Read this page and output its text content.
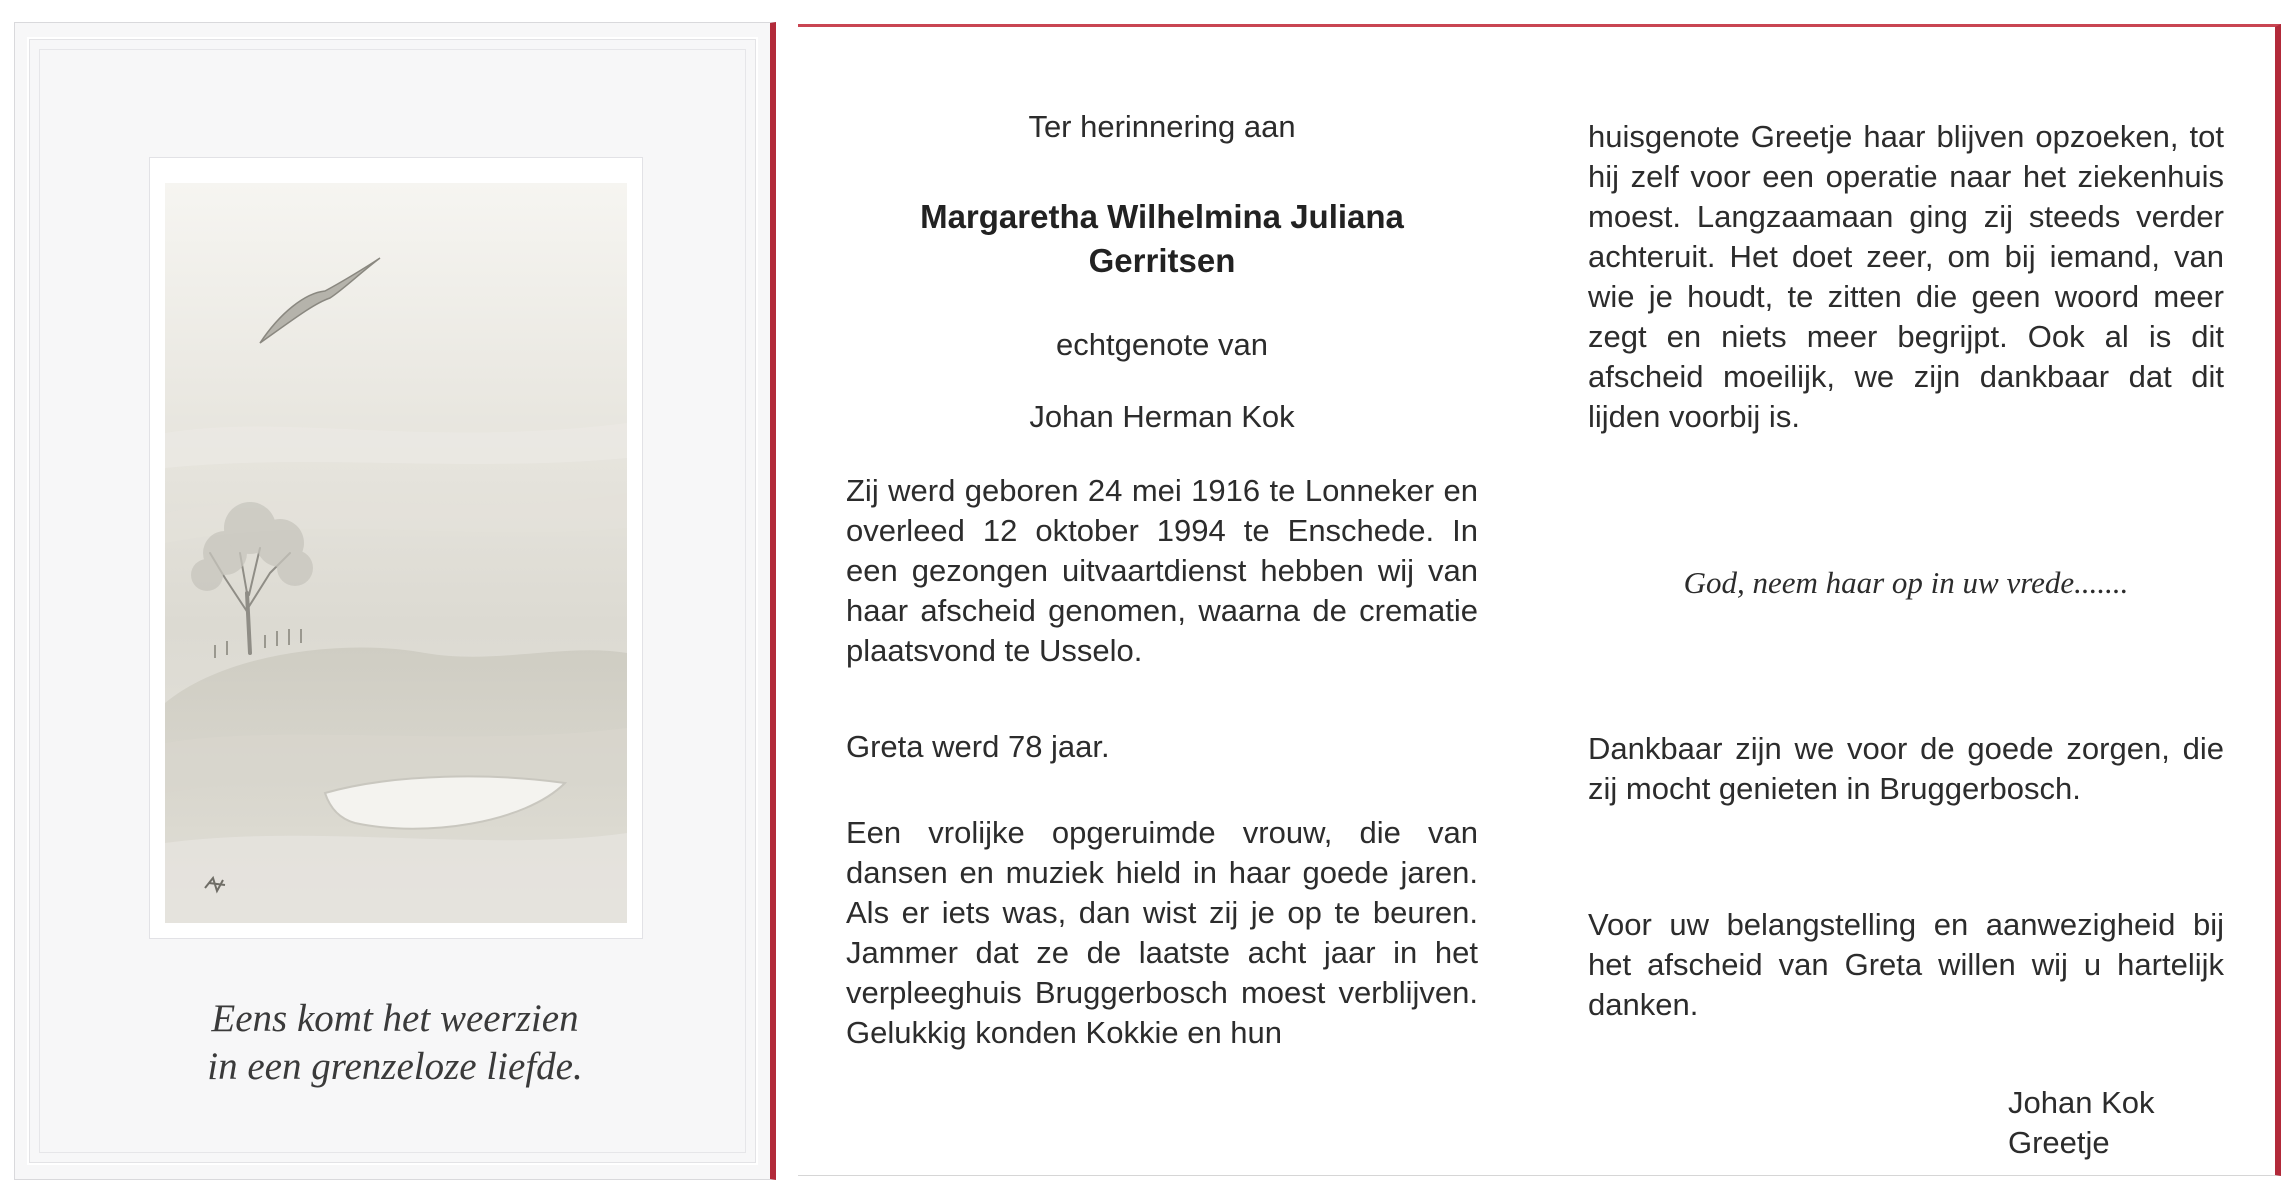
Eens komt het weerzien
in een grenzeloze liefde.
Ter herinnering aan
Margaretha Wilhelmina Juliana
Gerritsen
echtgenote van
Johan Herman Kok

Zij werd geboren 24 mei 1916 te Lonneker en overleed 12 oktober 1994 te Enschede. In een gezongen uitvaartdienst hebben wij van haar afscheid genomen, waarna de crematie plaatsvond te Usselo.

Greta werd 78 jaar.

Een vrolijke opgeruimde vrouw, die van dansen en muziek hield in haar goede jaren. Als er iets was, dan wist zij je op te beuren. Jammer dat ze de laatste acht jaar in het verpleeghuis Bruggerbosch moest verblijven. Gelukkig konden Kokkie en hun

huisgenote Greetje haar blijven opzoeken, tot hij zelf voor een operatie naar het ziekenhuis moest. Langzaamaan ging zij steeds verder achteruit. Het doet zeer, om bij iemand, van wie je houdt, te zitten die geen woord meer zegt en niets meer begrijpt. Ook al is dit afscheid moeilijk, we zijn dankbaar dat dit lijden voorbij is.

God, neem haar op in uw vrede.......

Dankbaar zijn we voor de goede zorgen, die zij mocht genieten in Bruggerbosch.

Voor uw belangstelling en aanwezigheid bij het afscheid van Greta willen wij u hartelijk danken.

Johan Kok
Greetje
